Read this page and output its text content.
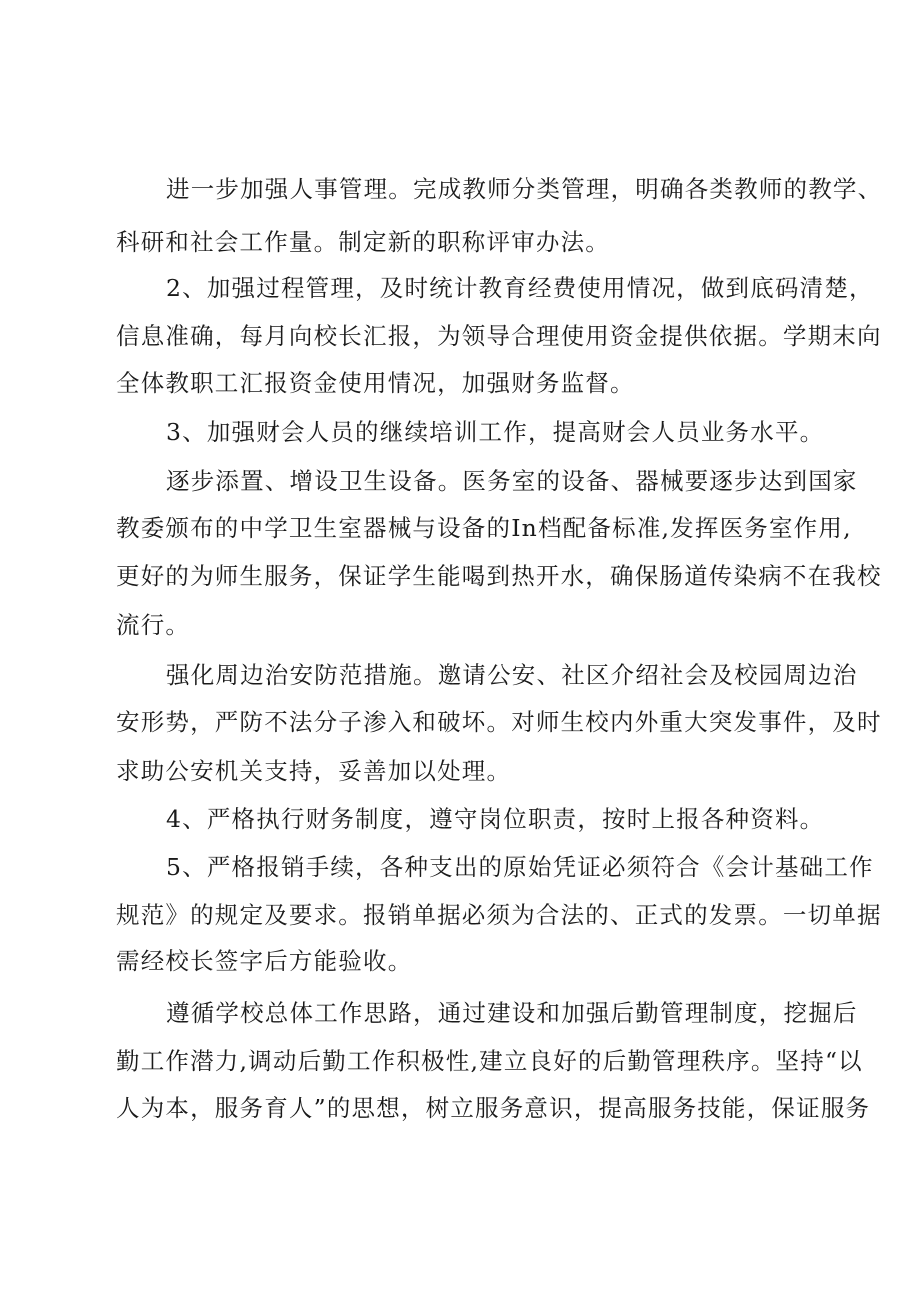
进一步加强人事管理。完成教师分类管理，明确各类教师的教学、
科研和社会工作量。制定新的职称评审办法。
2、加强过程管理，及时统计教育经费使用情况，做到底码清楚，
信息准确，每月向校长汇报，为领导合理使用资金提供依据。学期末向
全体教职工汇报资金使用情况，加强财务监督。
3、加强财会人员的继续培训工作，提高财会人员业务水平。
逐步添置、增设卫生设备。医务室的设备、器械要逐步达到国家
教委颁布的中学卫生室器械与设备的In档配备标准,发挥医务室作用,
更好的为师生服务，保证学生能喝到热开水，确保肠道传染病不在我校
流行。
强化周边治安防范措施。邀请公安、社区介绍社会及校园周边治
安形势，严防不法分子渗入和破坏。对师生校内外重大突发事件，及时
求助公安机关支持，妥善加以处理。
4、严格执行财务制度，遵守岗位职责，按时上报各种资料。
5、严格报销手续，各种支出的原始凭证必须符合《会计基础工作
规范》的规定及要求。报销单据必须为合法的、正式的发票。一切单据
需经校长签字后方能验收。
遵循学校总体工作思路，通过建设和加强后勤管理制度，挖掘后
勤工作潜力,调动后勤工作积极性,建立良好的后勤管理秩序。坚持“以
人为本，服务育人”的思想，树立服务意识，提高服务技能，保证服务
